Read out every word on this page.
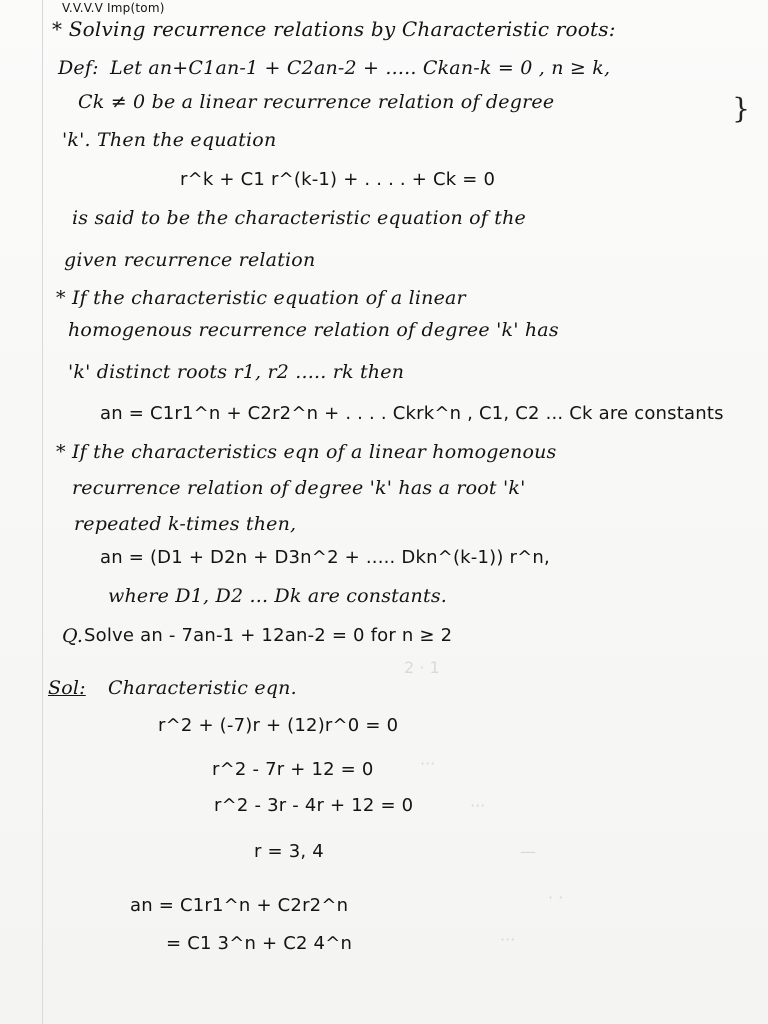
V.V.V.V Imp(tom)
* Solving recurrence relations by Characteristic roots:
Def: Let an+C1an-1 + C2an-2 + ..... Ckan-k = 0 , n ≥ k,
Ck ≠ 0 be a linear recurrence relation of degree	}
'k'. Then the equation
r^k + C1 r^(k-1) + . . . . + Ck = 0
is said to be the characteristic equation of the
given recurrence relation
* If the characteristic equation of a linear
homogenous recurrence relation of degree 'k' has
'k' distinct roots r1, r2 ..... rk then
an = C1r1^n + C2r2^n + . . . . Ckrk^n , C1, C2 ... Ck are constants
* If the characteristics eqn of a linear homogenous
recurrence relation of degree 'k' has a root 'k'
repeated k-times then,
an = (D1 + D2n + D3n^2 + ..... Dkn^(k-1)) r^n,
where D1, D2 ... Dk are constants.
Q. Solve an - 7an-1 + 12an-2 = 0 for n ≥ 2
Sol: Characteristic eqn.
r^2 + (-7)r + (12)r^0 = 0
r^2 - 7r + 12 = 0
r^2 - 3r - 4r + 12 = 0
r = 3, 4
an = C1r1^n + C2r2^n
= C1 3^n + C2 4^n
2 · 1
···
···
—
· ·
···
